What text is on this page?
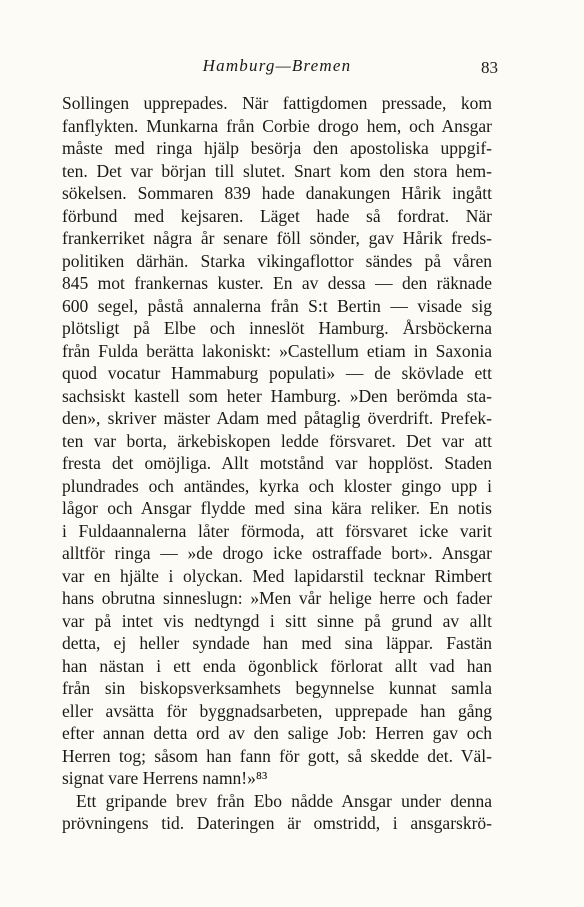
Hamburg—Bremen	83
Sollingen upprepades. När fattigdomen pressade, kom
fanflykten. Munkarna från Corbie drogo hem, och Ansgar
måste med ringa hjälp besörja den apostoliska uppgif-
ten. Det var början till slutet. Snart kom den stora hem-
sökelsen. Sommaren 839 hade danakungen Hårik ingått
förbund med kejsaren. Läget hade så fordrat. När
frankerriket några år senare föll sönder, gav Hårik freds-
politiken därhän. Starka vikingaflottor sändes på våren
845 mot frankernas kuster. En av dessa — den räknade
600 segel, påstå annalerna från S:t Bertin — visade sig
plötsligt på Elbe och inneslöt Hamburg. Årsböckerna
från Fulda berätta lakoniskt: »Castellum etiam in Saxonia
quod vocatur Hammaburg populati» — de skövlade ett
sachsiskt kastell som heter Hamburg. »Den berömda sta-
den», skriver mäster Adam med påtaglig överdrift. Prefek-
ten var borta, ärkebiskopen ledde försvaret. Det var att
fresta det omöjliga. Allt motstånd var hopplöst. Staden
plundrades och antändes, kyrka och kloster gingo upp i
lågor och Ansgar flydde med sina kära reliker. En notis
i Fuldaannalerna låter förmoda, att försvaret icke varit
alltför ringa — »de drogo icke ostraffade bort». Ansgar
var en hjälte i olyckan. Med lapidarstil tecknar Rimbert
hans obrutna sinneslugn: »Men vår helige herre och fader
var på intet vis nedtyngd i sitt sinne på grund av allt
detta, ej heller syndade han med sina läppar. Fastän
han nästan i ett enda ögonblick förlorat allt vad han
från sin biskopsverksamhets begynnelse kunnat samla
eller avsätta för byggnadsarbeten, upprepade han gång
efter annan detta ord av den salige Job: Herren gav och
Herren tog; såsom han fann för gott, så skedde det. Väl-
signat vare Herrens namn!»⁸³
Ett gripande brev från Ebo nådde Ansgar under denna
prövningens tid. Dateringen är omstridd, i ansgarskrö-
